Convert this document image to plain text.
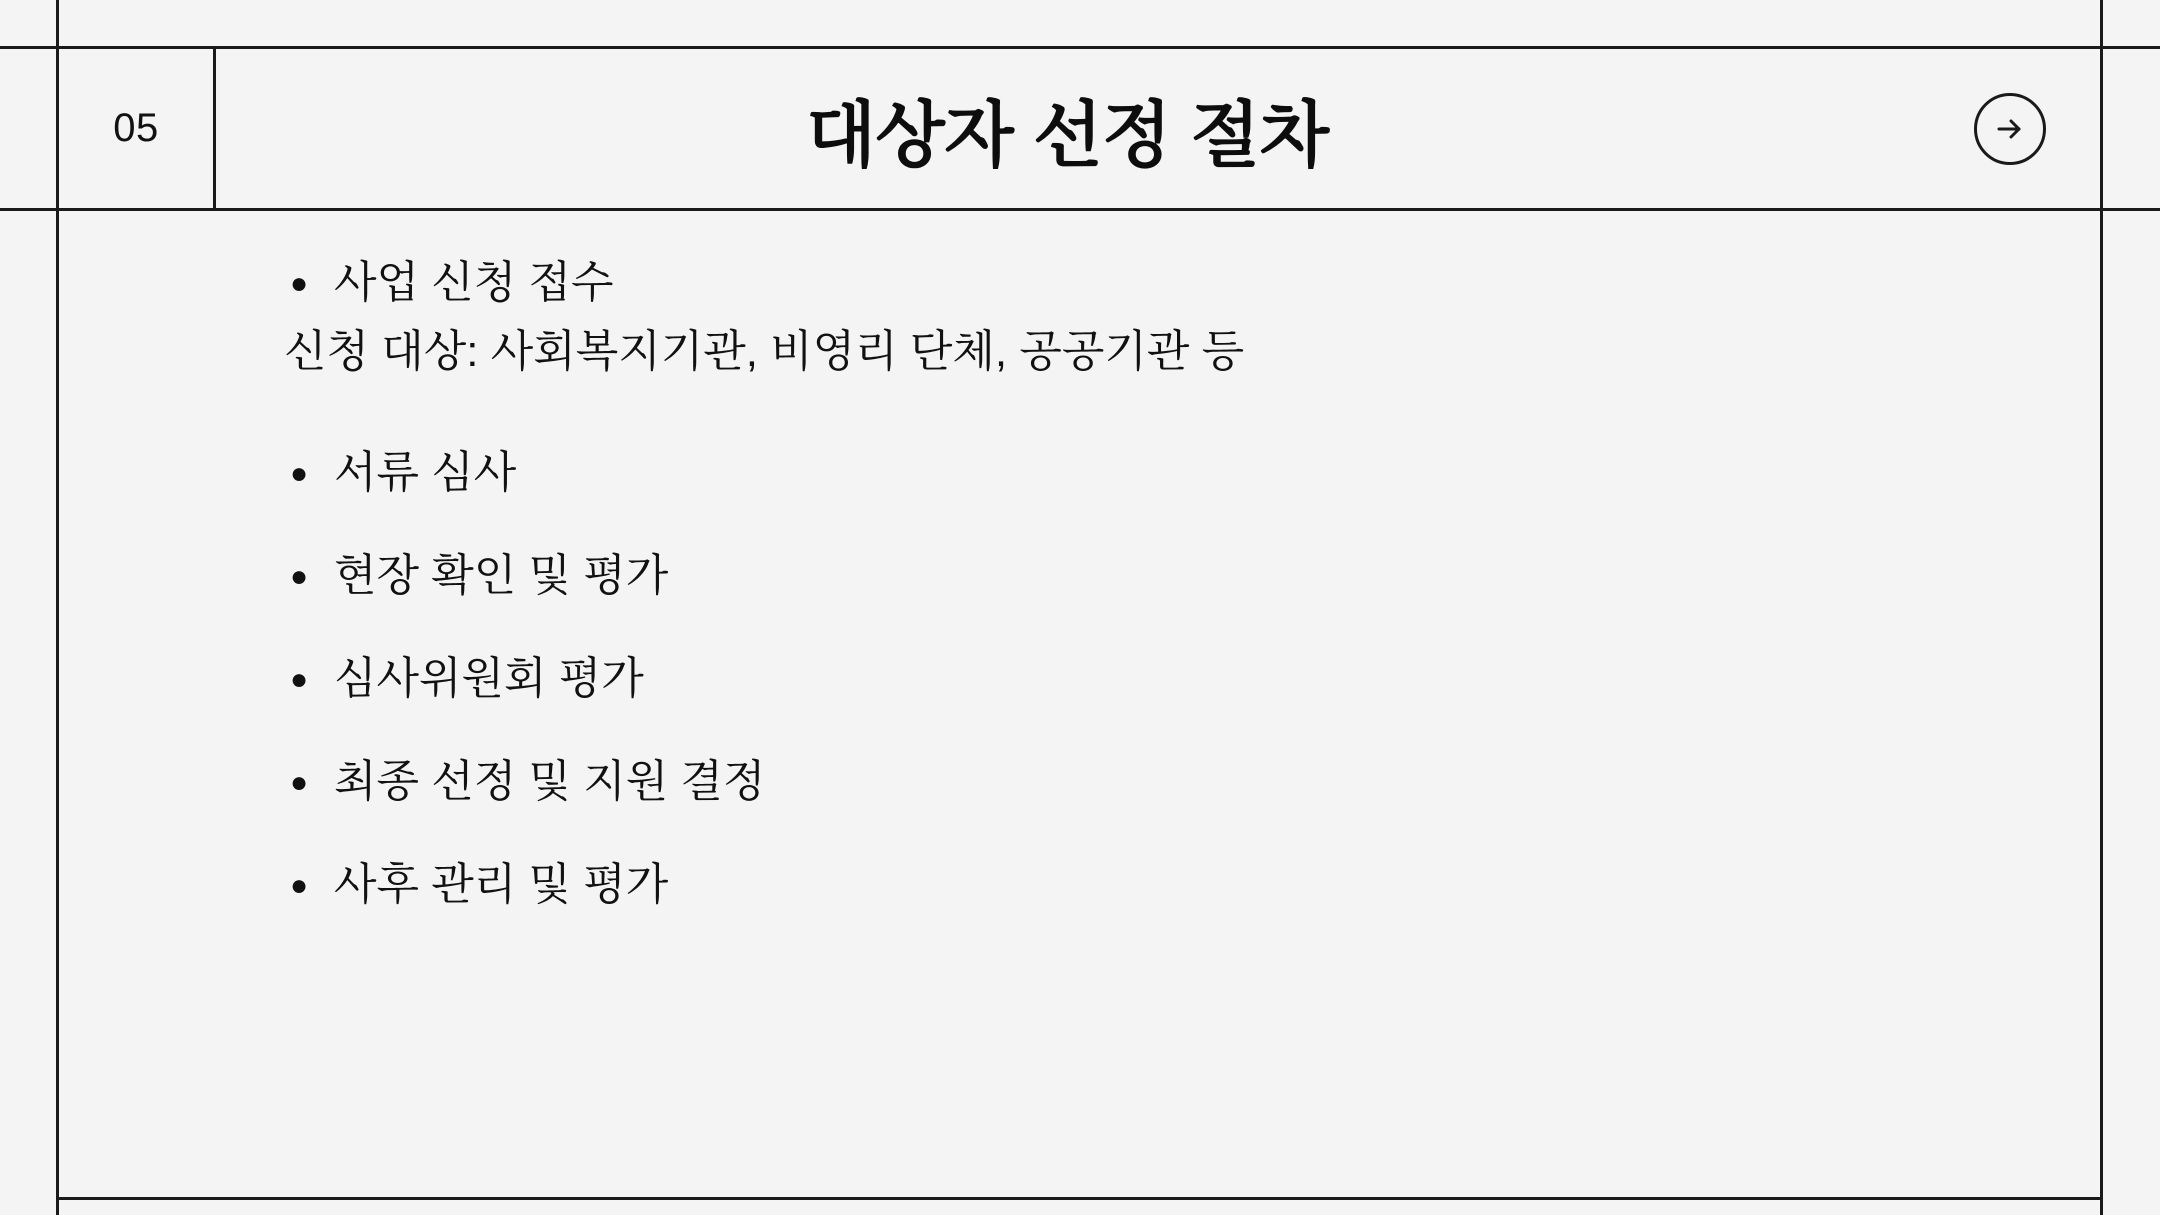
05	대상자 선정 절차
● 사업 신청 접수
신청 대상: 사회복지기관, 비영리 단체, 공공기관 등
● 서류 심사
● 현장 확인 및 평가
● 심사위원회 평가
● 최종 선정 및 지원 결정
● 사후 관리 및 평가
